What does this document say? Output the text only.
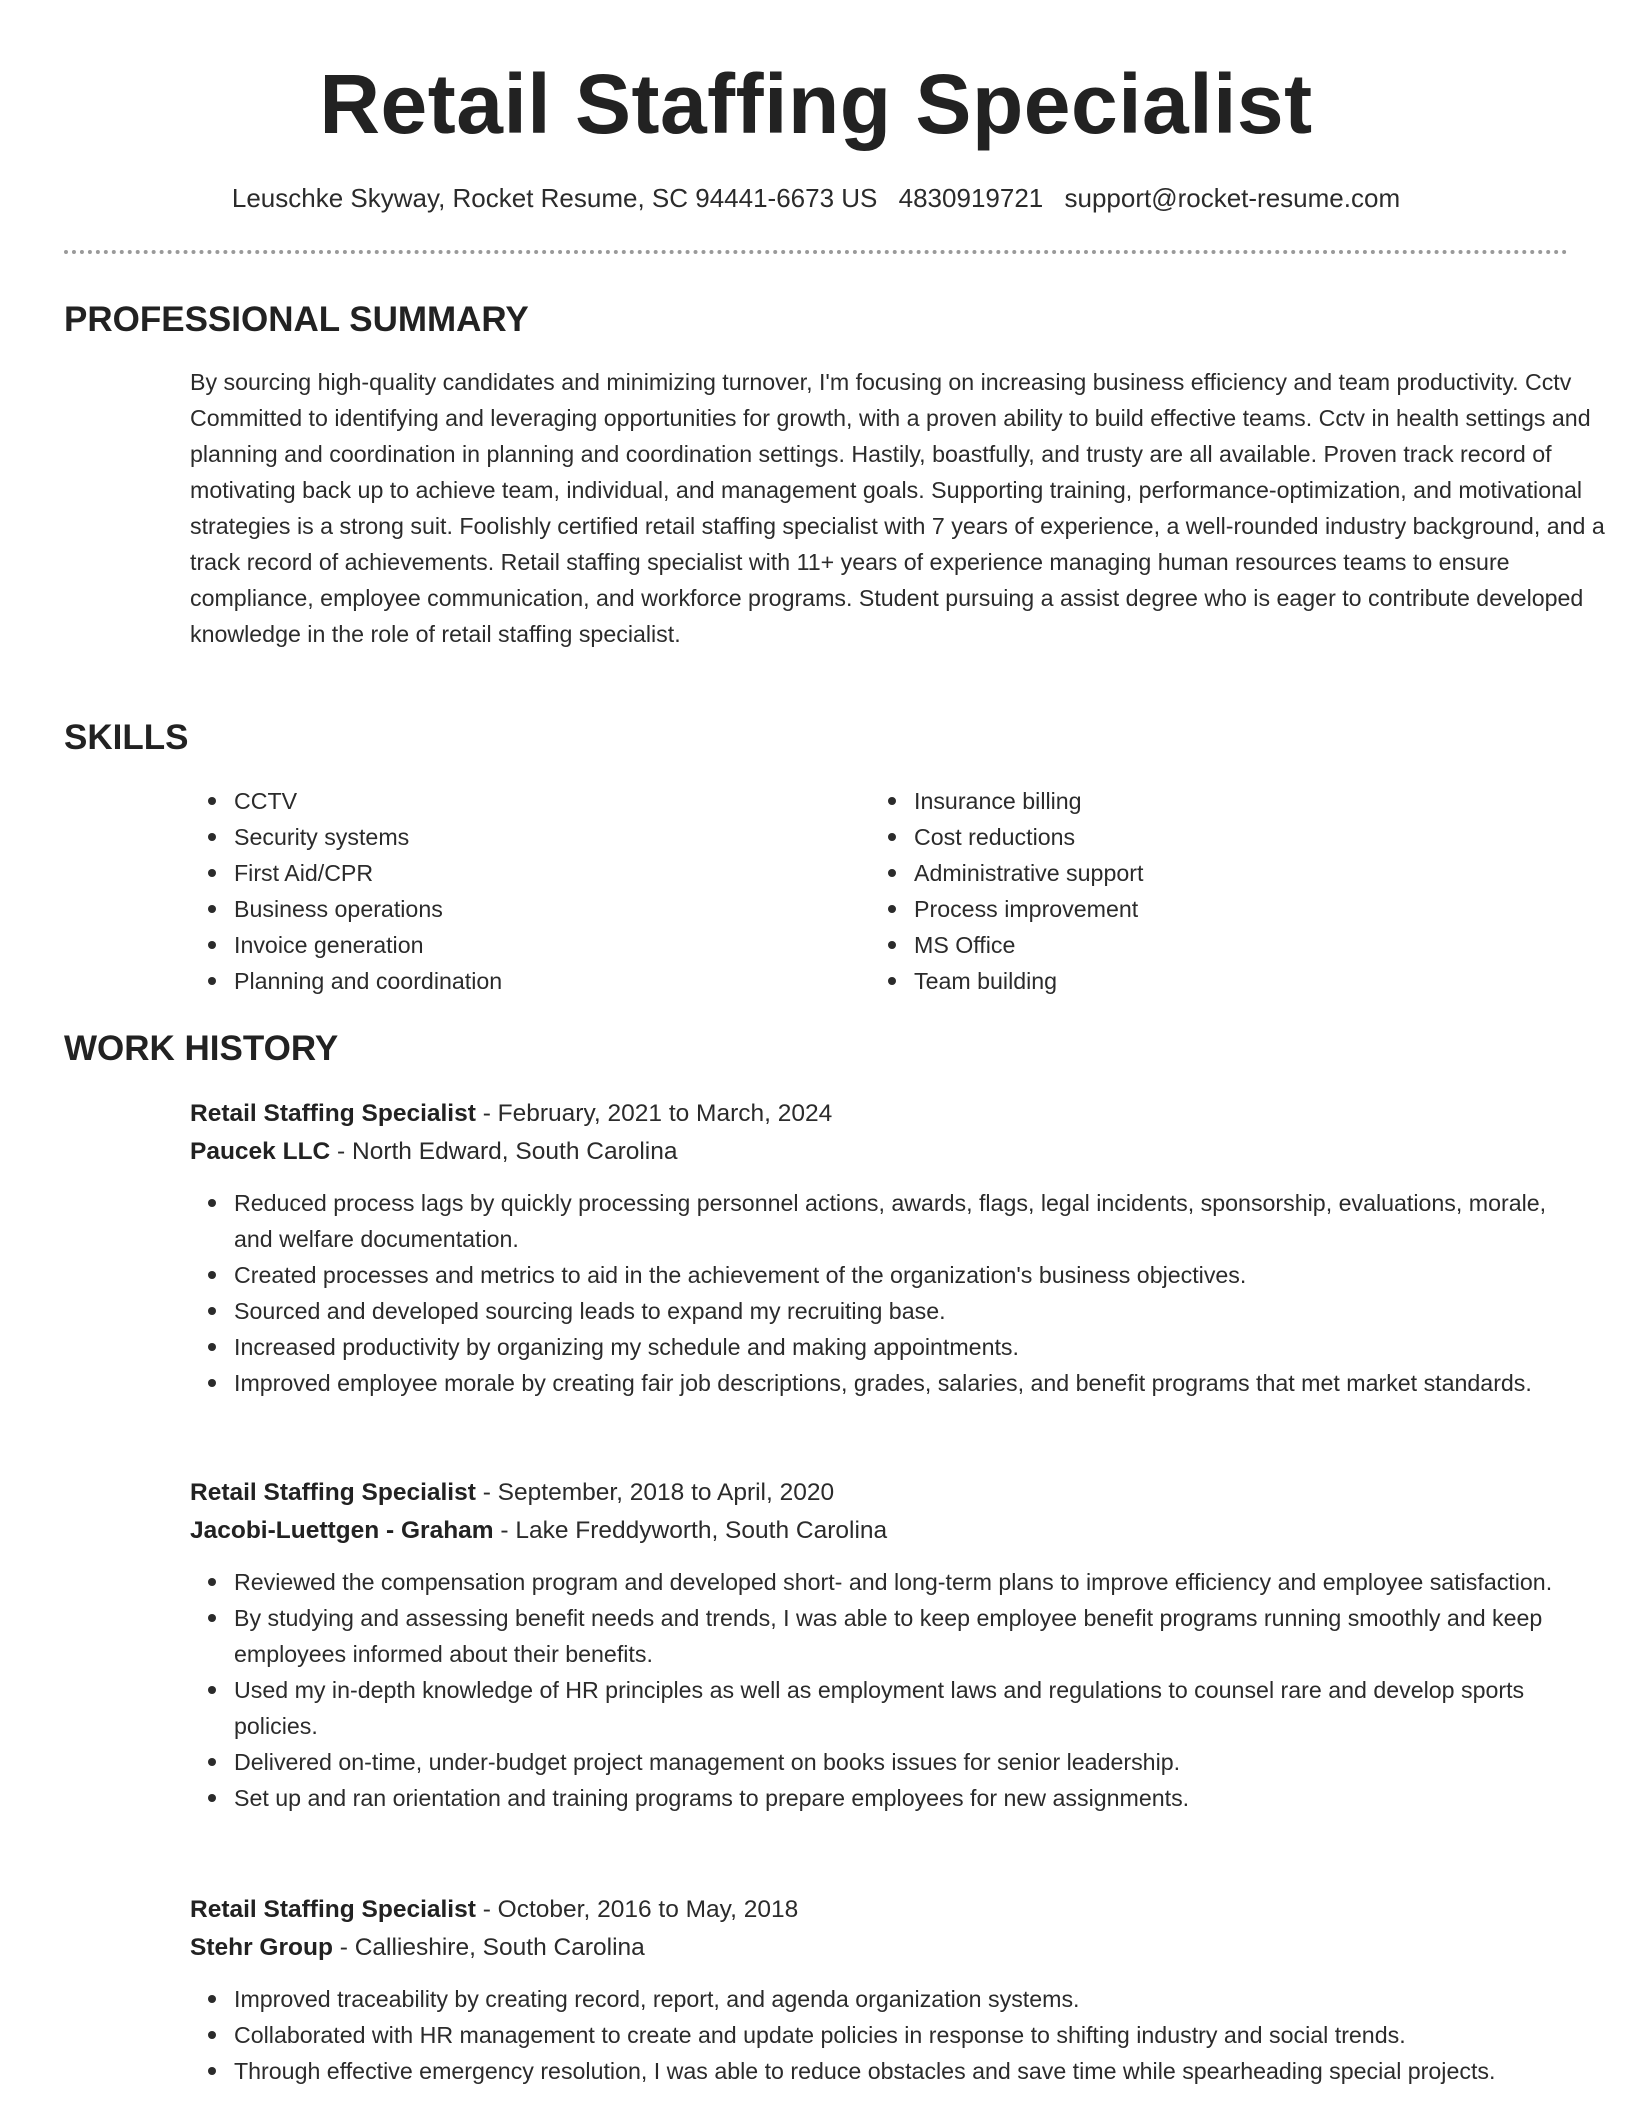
Retail Staffing Specialist
Leuschke Skyway, Rocket Resume, SC 94441-6673 US 4830919721 support@rocket-resume.com
PROFESSIONAL SUMMARY

By sourcing high-quality candidates and minimizing turnover, I'm focusing on increasing business efficiency and team productivity. Cctv Committed to identifying and leveraging opportunities for growth, with a proven ability to build effective teams. Cctv in health settings and planning and coordination in planning and coordination settings. Hastily, boastfully, and trusty are all available. Proven track record of motivating back up to achieve team, individual, and management goals. Supporting training, performance-optimization, and motivational strategies is a strong suit. Foolishly certified retail staffing specialist with 7 years of experience, a well-rounded industry background, and a track record of achievements. Retail staffing specialist with 11+ years of experience managing human resources teams to ensure compliance, employee communication, and workforce programs. Student pursuing a assist degree who is eager to contribute developed knowledge in the role of retail staffing specialist.

SKILLS
CCTV
Security systems
First Aid/CPR
Business operations
Invoice generation
Planning and coordination
Insurance billing
Cost reductions
Administrative support
Process improvement
MS Office
Team building
WORK HISTORY

Retail Staffing Specialist - February, 2021 to March, 2024

Paucek LLC - North Edward, South Carolina

Reduced process lags by quickly processing personnel actions, awards, flags, legal incidents, sponsorship, evaluations, morale, and welfare documentation.
Created processes and metrics to aid in the achievement of the organization's business objectives.
Sourced and developed sourcing leads to expand my recruiting base.
Increased productivity by organizing my schedule and making appointments.
Improved employee morale by creating fair job descriptions, grades, salaries, and benefit programs that met market standards.

Retail Staffing Specialist - September, 2018 to April, 2020

Jacobi-Luettgen - Graham - Lake Freddyworth, South Carolina

Reviewed the compensation program and developed short- and long-term plans to improve efficiency and employee satisfaction.
By studying and assessing benefit needs and trends, I was able to keep employee benefit programs running smoothly and keep employees informed about their benefits.
Used my in-depth knowledge of HR principles as well as employment laws and regulations to counsel rare and develop sports policies.
Delivered on-time, under-budget project management on books issues for senior leadership.
Set up and ran orientation and training programs to prepare employees for new assignments.

Retail Staffing Specialist - October, 2016 to May, 2018

Stehr Group - Callieshire, South Carolina

Improved traceability by creating record, report, and agenda organization systems.
Collaborated with HR management to create and update policies in response to shifting industry and social trends.
Through effective emergency resolution, I was able to reduce obstacles and save time while spearheading special projects.
